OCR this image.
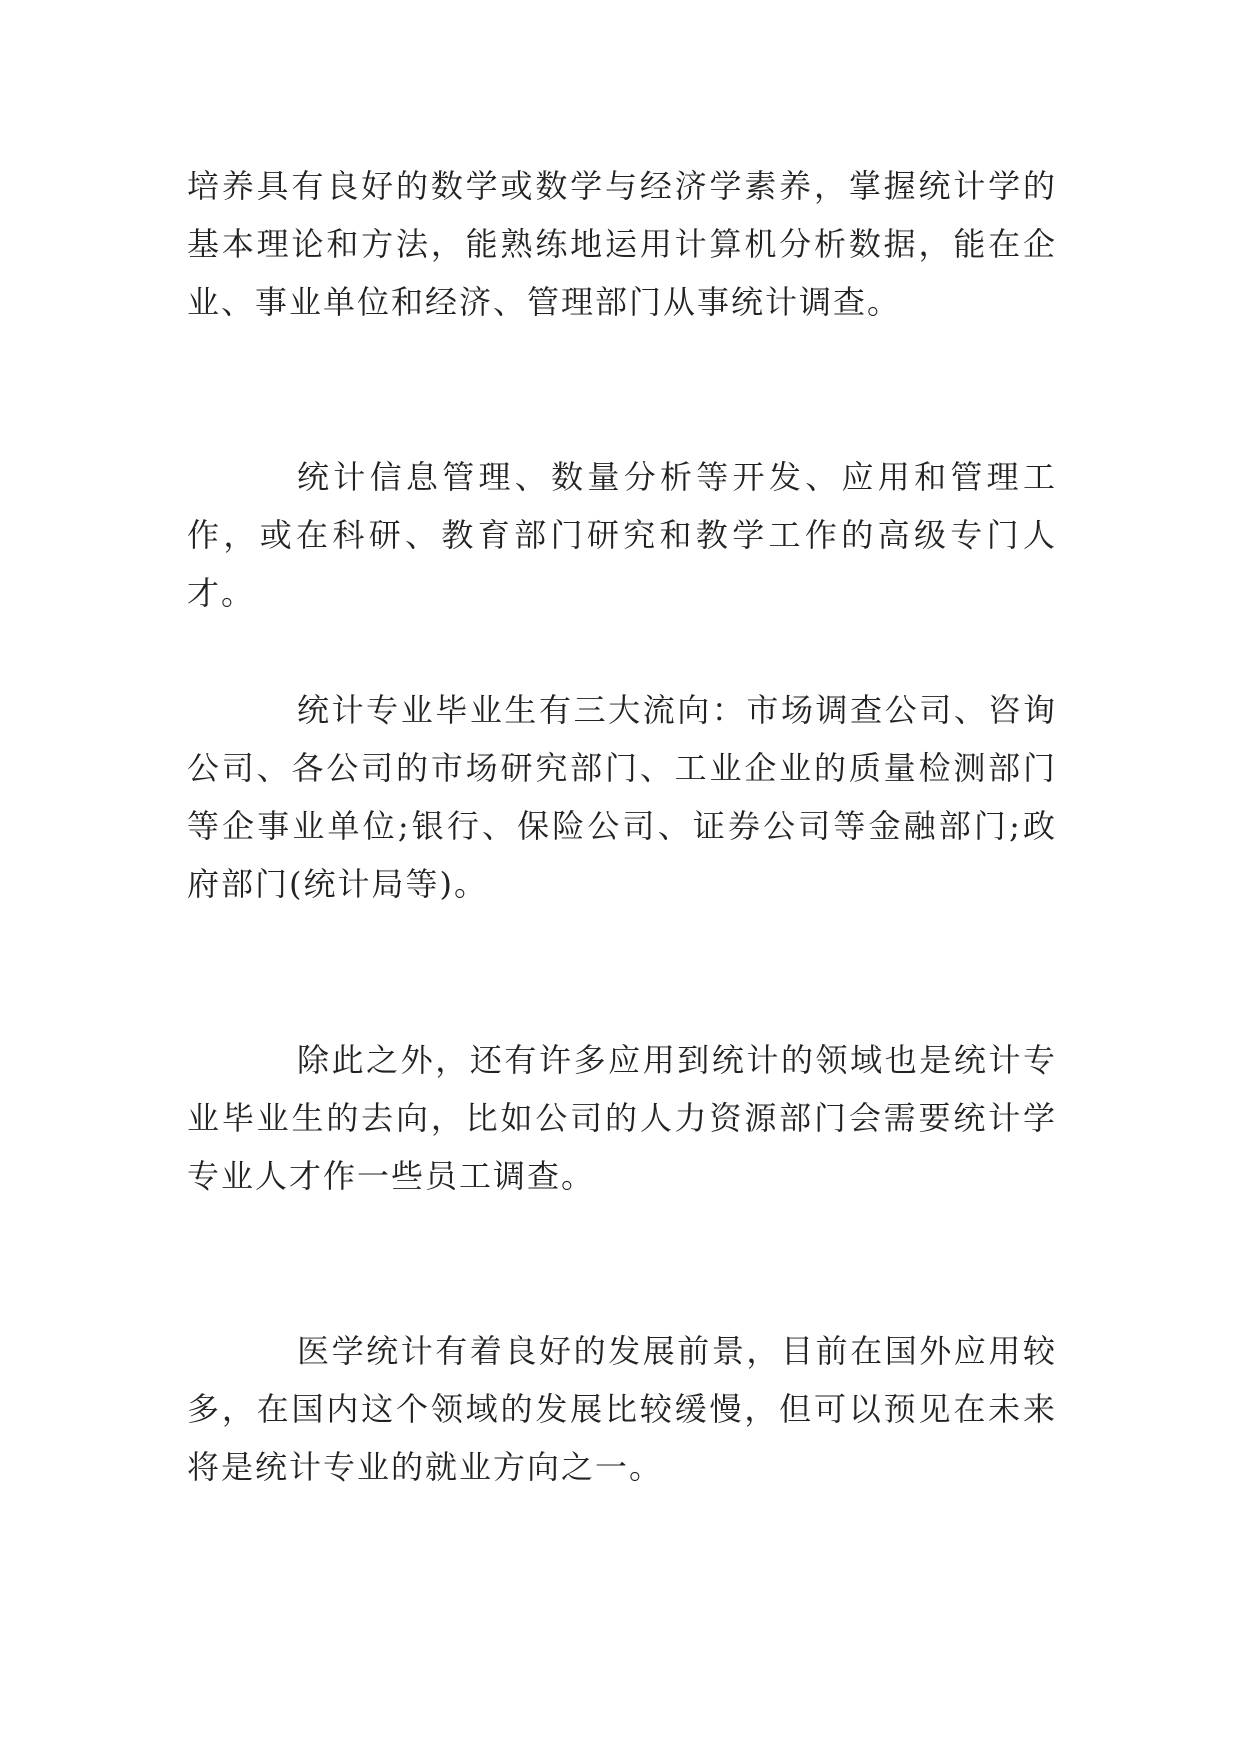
培养具有良好的数学或数学与经济学素养，掌握统计学的基本理论和方法，能熟练地运用计算机分析数据，能在企业、事业单位和经济、管理部门从事统计调查。

统计信息管理、数量分析等开发、应用和管理工作，或在科研、教育部门研究和教学工作的高级专门人才。

统计专业毕业生有三大流向：市场调查公司、咨询公司、各公司的市场研究部门、工业企业的质量检测部门等企事业单位;银行、保险公司、证券公司等金融部门;政府部门(统计局等)。

除此之外，还有许多应用到统计的领域也是统计专业毕业生的去向，比如公司的人力资源部门会需要统计学专业人才作一些员工调查。

医学统计有着良好的发展前景，目前在国外应用较多，在国内这个领域的发展比较缓慢，但可以预见在未来将是统计专业的就业方向之一。
